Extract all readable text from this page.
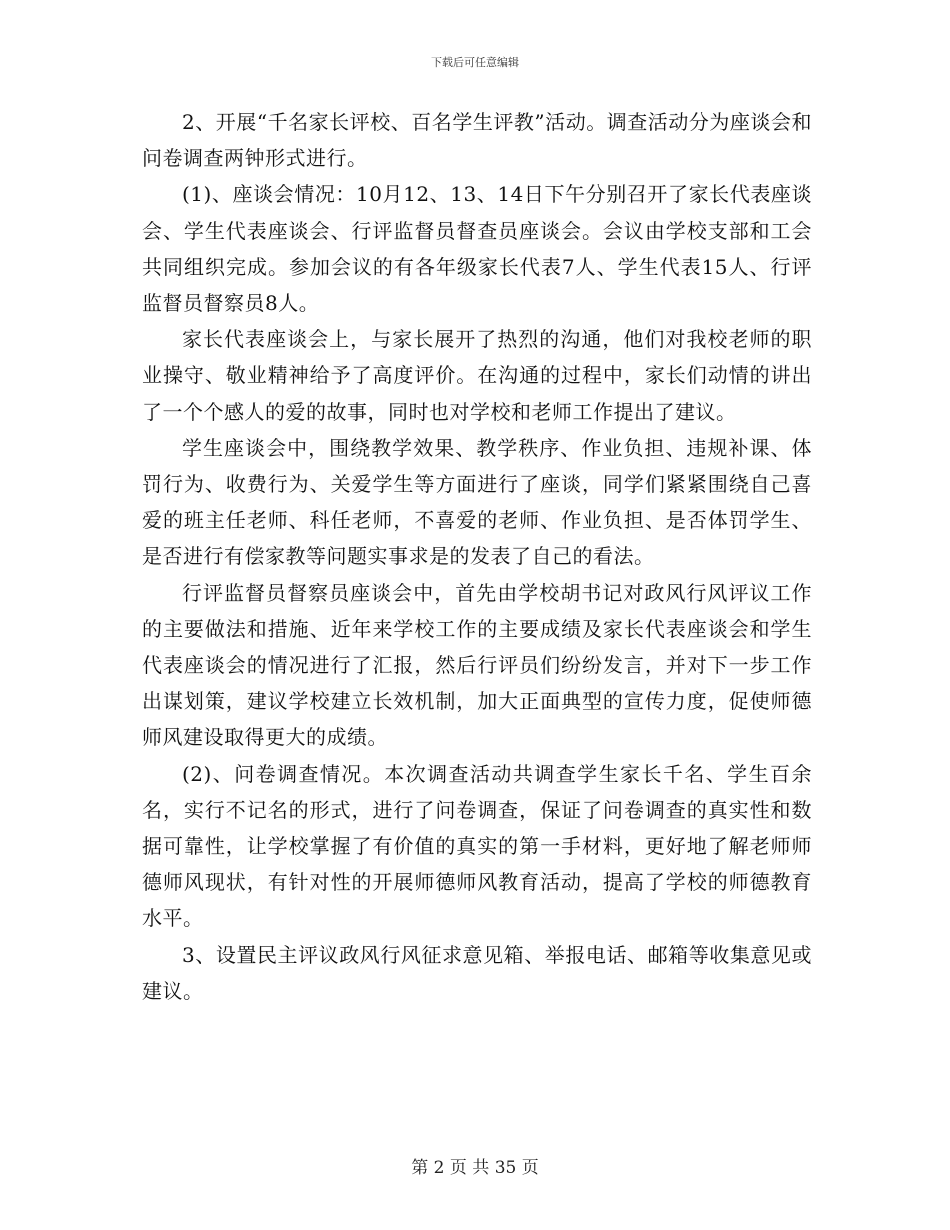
下载后可任意编辑

2、开展“千名家长评校、百名学生评教”活动。调查活动分为座谈会和问卷调查两钟形式进行。

(1)、座谈会情况：10月12、13、14日下午分别召开了家长代表座谈会、学生代表座谈会、行评监督员督查员座谈会。会议由学校支部和工会共同组织完成。参加会议的有各年级家长代表7人、学生代表15人、行评监督员督察员8人。

家长代表座谈会上，与家长展开了热烈的沟通，他们对我校老师的职业操守、敬业精神给予了高度评价。在沟通的过程中，家长们动情的讲出了一个个感人的爱的故事，同时也对学校和老师工作提出了建议。

学生座谈会中，围绕教学效果、教学秩序、作业负担、违规补课、体罚行为、收费行为、关爱学生等方面进行了座谈，同学们紧紧围绕自己喜爱的班主任老师、科任老师，不喜爱的老师、作业负担、是否体罚学生、是否进行有偿家教等问题实事求是的发表了自己的看法。

行评监督员督察员座谈会中，首先由学校胡书记对政风行风评议工作的主要做法和措施、近年来学校工作的主要成绩及家长代表座谈会和学生代表座谈会的情况进行了汇报，然后行评员们纷纷发言，并对下一步工作出谋划策，建议学校建立长效机制，加大正面典型的宣传力度，促使师德师风建设取得更大的成绩。

(2)、问卷调查情况。本次调查活动共调查学生家长千名、学生百余名，实行不记名的形式，进行了问卷调查，保证了问卷调查的真实性和数据可靠性，让学校掌握了有价值的真实的第一手材料，更好地了解老师师德师风现状，有针对性的开展师德师风教育活动，提高了学校的师德教育水平。

3、设置民主评议政风行风征求意见箱、举报电话、邮箱等收集意见或建议。

第 2 页 共 35 页
